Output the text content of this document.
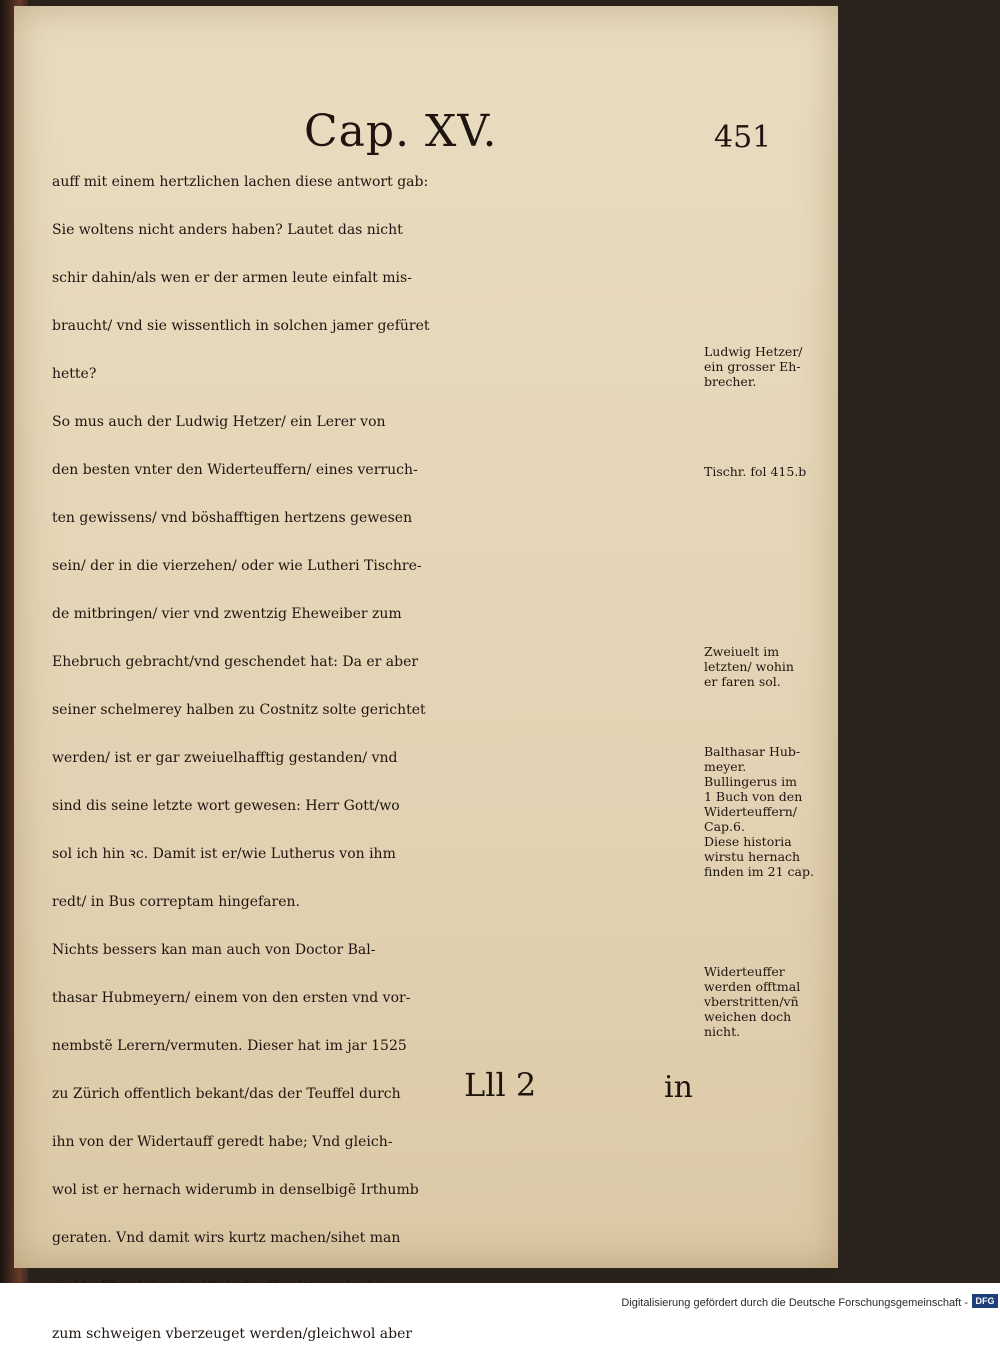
Cap. XV.	451
auff mit einem hertzlichen lachen diese antwort gab:
Sie woltens nicht anders haben? Lautet das nicht
schir dahin/als wen er der armen leute einfalt mis-
braucht/ vnd sie wissentlich in solchen jamer gefüret
hette?
So mus auch der Ludwig Hetzer/ ein Lerer von
den besten vnter den Widerteuffern/ eines verruch-
ten gewissens/ vnd böshafftigen hertzens gewesen
sein/ der in die vierzehen/ oder wie Lutheri Tischre-
de mitbringen/ vier vnd zwentzig Eheweiber zum
Ehebruch gebracht/vnd geschendet hat: Da er aber
seiner schelmerey halben zu Costnitz solte gerichtet
werden/ ist er gar zweiuelhafftig gestanden/ vnd
sind dis seine letzte wort gewesen: Herr Gott/wo
sol ich hin ꝛc. Damit ist er/wie Lutherus von ihm
redt/ in Bus correptam hingefaren.
Nichts bessers kan man auch von Doctor Bal-
thasar Hubmeyern/ einem von den ersten vnd vor-
nembstẽ Lerern/vermuten. Dieser hat im jar 1525
zu Zürich offentlich bekant/das der Teuffel durch
ihn von der Widertauff geredt habe; Vnd gleich-
wol ist er hernach widerumb in denselbigẽ Irthumb
geraten. Vnd damit wirs kurtz machen/sihet man
zum schweigen vberzeuget werden/gleichwol aber
Ludwig Hetzer/
ein grosser Eh-
brecher.
Tischr. fol 415.b
Zweiuelt im
letzten/ wohin
er faren sol.
Balthasar Hub-
meyer.
Bullingerus im
1 Buch von den
Widerteuffern/
Cap.6.
Diese historia
wirstu hernach
finden im 21 cap.
Widerteuffer
werden offtmal
vberstritten/vñ
weichen doch
nicht.
Lll 2	in
Digitalisierung gefördert durch die Deutsche Forschungsgemeinschaft - DFG
